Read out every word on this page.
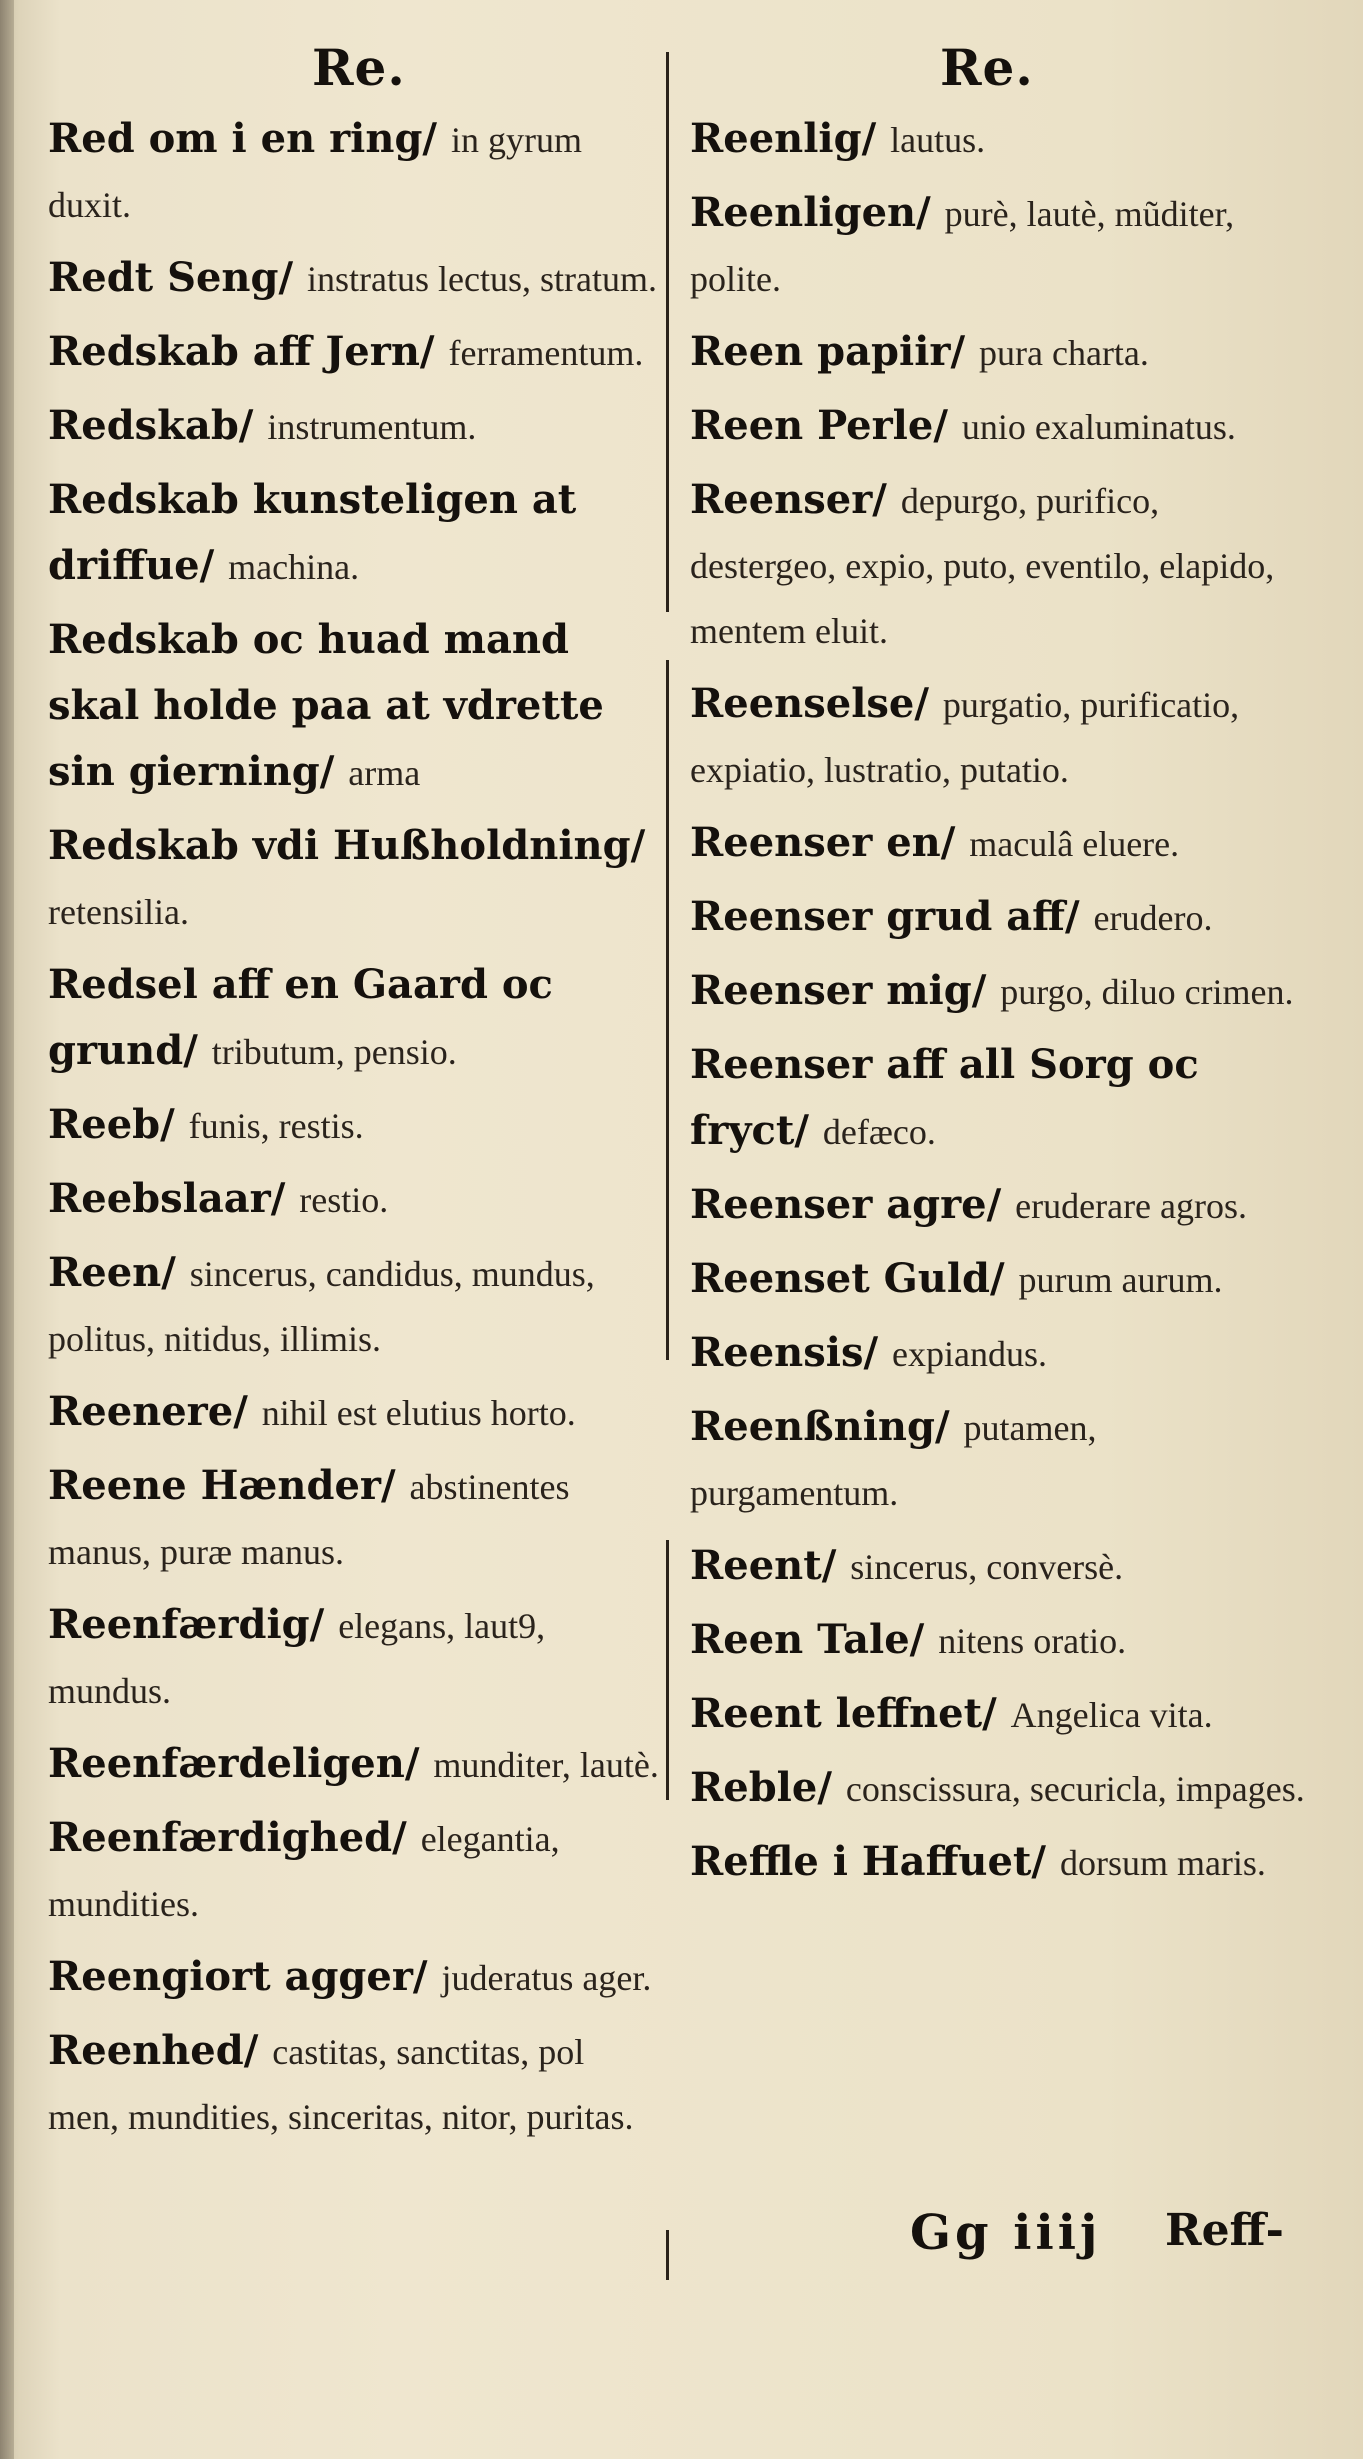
Re.	Re.
Red om i en ring/ in gyrum duxit.
Redt Seng/ instratus lectus, stratum.
Redskab aff Jern/ ferramentum.
Redskab/ instrumentum.
Redskab kunsteligen at driffue/ machina.
Redskab oc huad mand skal holde paa at vdrette sin gierning/ arma
Redskab vdi Hußholdning/ retensilia.
Redsel aff en Gaard oc grund/ tributum, pensio.
Reeb/ funis, restis.
Reebslaar/ restio.
Reen/ sincerus, candidus, mundus, politus, nitidus, illimis.
Reenere/ nihil est elutius horto.
Reene Hænder/ abstinentes manus, puræ manus.
Reenfærdig/ elegans, laut9, mundus.
Reenfærdeligen/ munditer, lautè.
Reenfærdighed/ elegantia, mundities.
Reengiort agger/ juderatus ager.
Reenhed/ castitas, sanctitas, pol men, mundities, sinceritas, nitor, puritas.
Reenlig/ lautus.
Reenligen/ purè, lautè, mũditer, polite.
Reen papiir/ pura charta.
Reen Perle/ unio exaluminatus.
Reenser/ depurgo, purifico, destergeo, expio, puto, eventilo, elapido, mentem eluit.
Reenselse/ purgatio, purificatio, expiatio, lustratio, putatio.
Reenser en/ maculâ eluere.
Reenser grud aff/ erudero.
Reenser mig/ purgo, diluo crimen.
Reenser aff all Sorg oc fryct/ defæco.
Reenser agre/ eruderare agros.
Reenset Guld/ purum aurum.
Reensis/ expiandus.
Reenßning/ putamen, purgamentum.
Reent/ sincerus, conversè.
Reen Tale/ nitens oratio.
Reent leffnet/ Angelica vita.
Reble/ conscissura, securicla, impages.
Reffle i Haffuet/ dorsum maris.
Gg iiij Reff-
